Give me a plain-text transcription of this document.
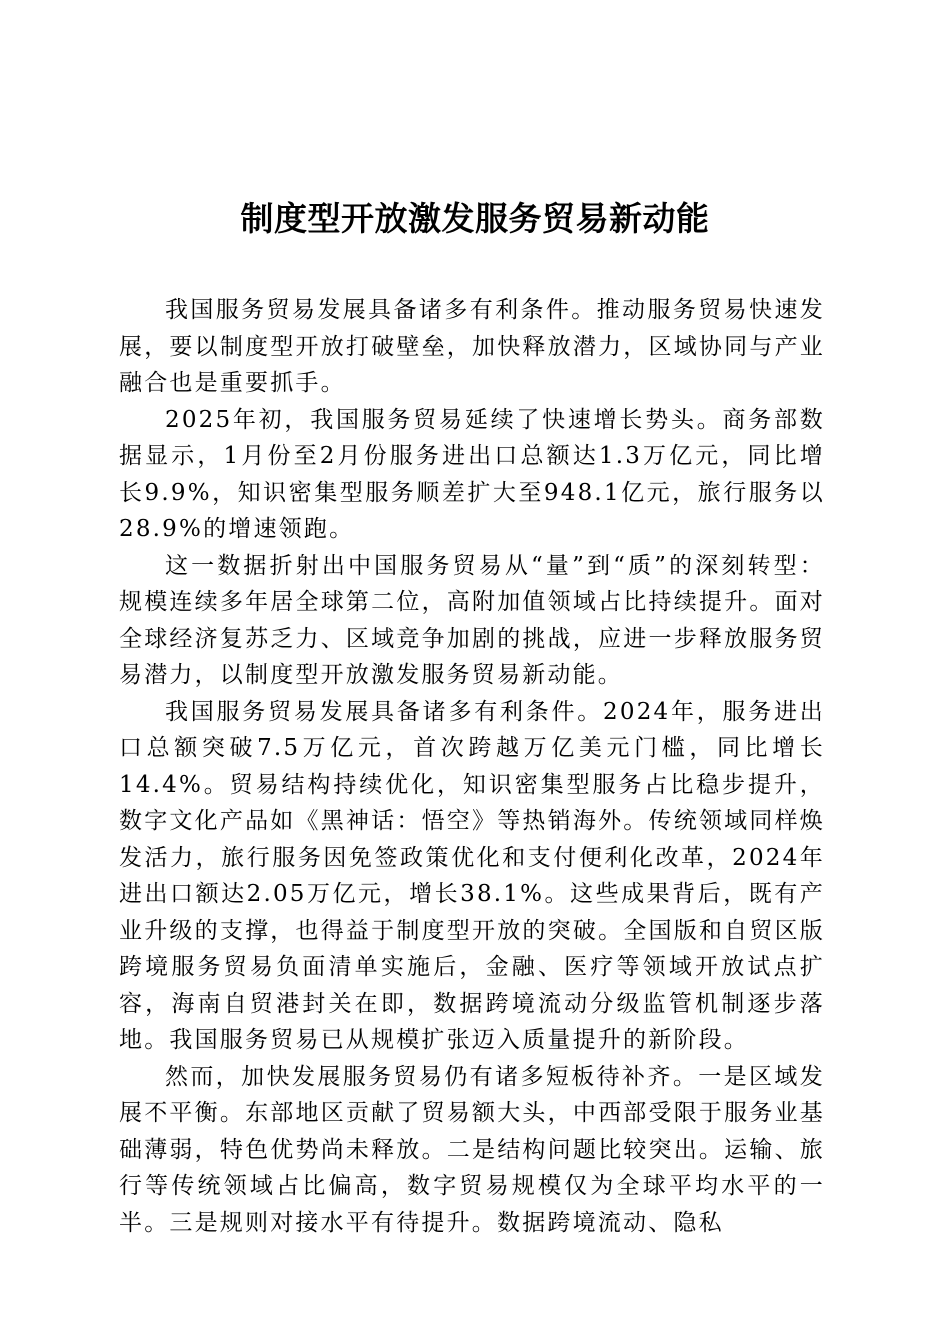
制度型开放激发服务贸易新动能

我国服务贸易发展具备诸多有利条件。推动服务贸易快速发展，要以制度型开放打破壁垒，加快释放潜力，区域协同与产业融合也是重要抓手。

2025年初，我国服务贸易延续了快速增长势头。商务部数据显示，1月份至2月份服务进出口总额达1.3万亿元，同比增长9.9%，知识密集型服务顺差扩大至948.1亿元，旅行服务以28.9%的增速领跑。

这一数据折射出中国服务贸易从“量”到“质”的深刻转型：规模连续多年居全球第二位，高附加值领域占比持续提升。面对全球经济复苏乏力、区域竞争加剧的挑战，应进一步释放服务贸易潜力，以制度型开放激发服务贸易新动能。

我国服务贸易发展具备诸多有利条件。2024年，服务进出口总额突破7.5万亿元，首次跨越万亿美元门槛，同比增长14.4%。贸易结构持续优化，知识密集型服务占比稳步提升，数字文化产品如《黑神话：悟空》等热销海外。传统领域同样焕发活力，旅行服务因免签政策优化和支付便利化改革，2024年进出口额达2.05万亿元，增长38.1%。这些成果背后，既有产业升级的支撑，也得益于制度型开放的突破。全国版和自贸区版跨境服务贸易负面清单实施后，金融、医疗等领域开放试点扩容，海南自贸港封关在即，数据跨境流动分级监管机制逐步落地。我国服务贸易已从规模扩张迈入质量提升的新阶段。

然而，加快发展服务贸易仍有诸多短板待补齐。一是区域发展不平衡。东部地区贡献了贸易额大头，中西部受限于服务业基础薄弱，特色优势尚未释放。二是结构问题比较突出。运输、旅行等传统领域占比偏高，数字贸易规模仅为全球平均水平的一半。三是规则对接水平有待提升。数据跨境流动、隐私
